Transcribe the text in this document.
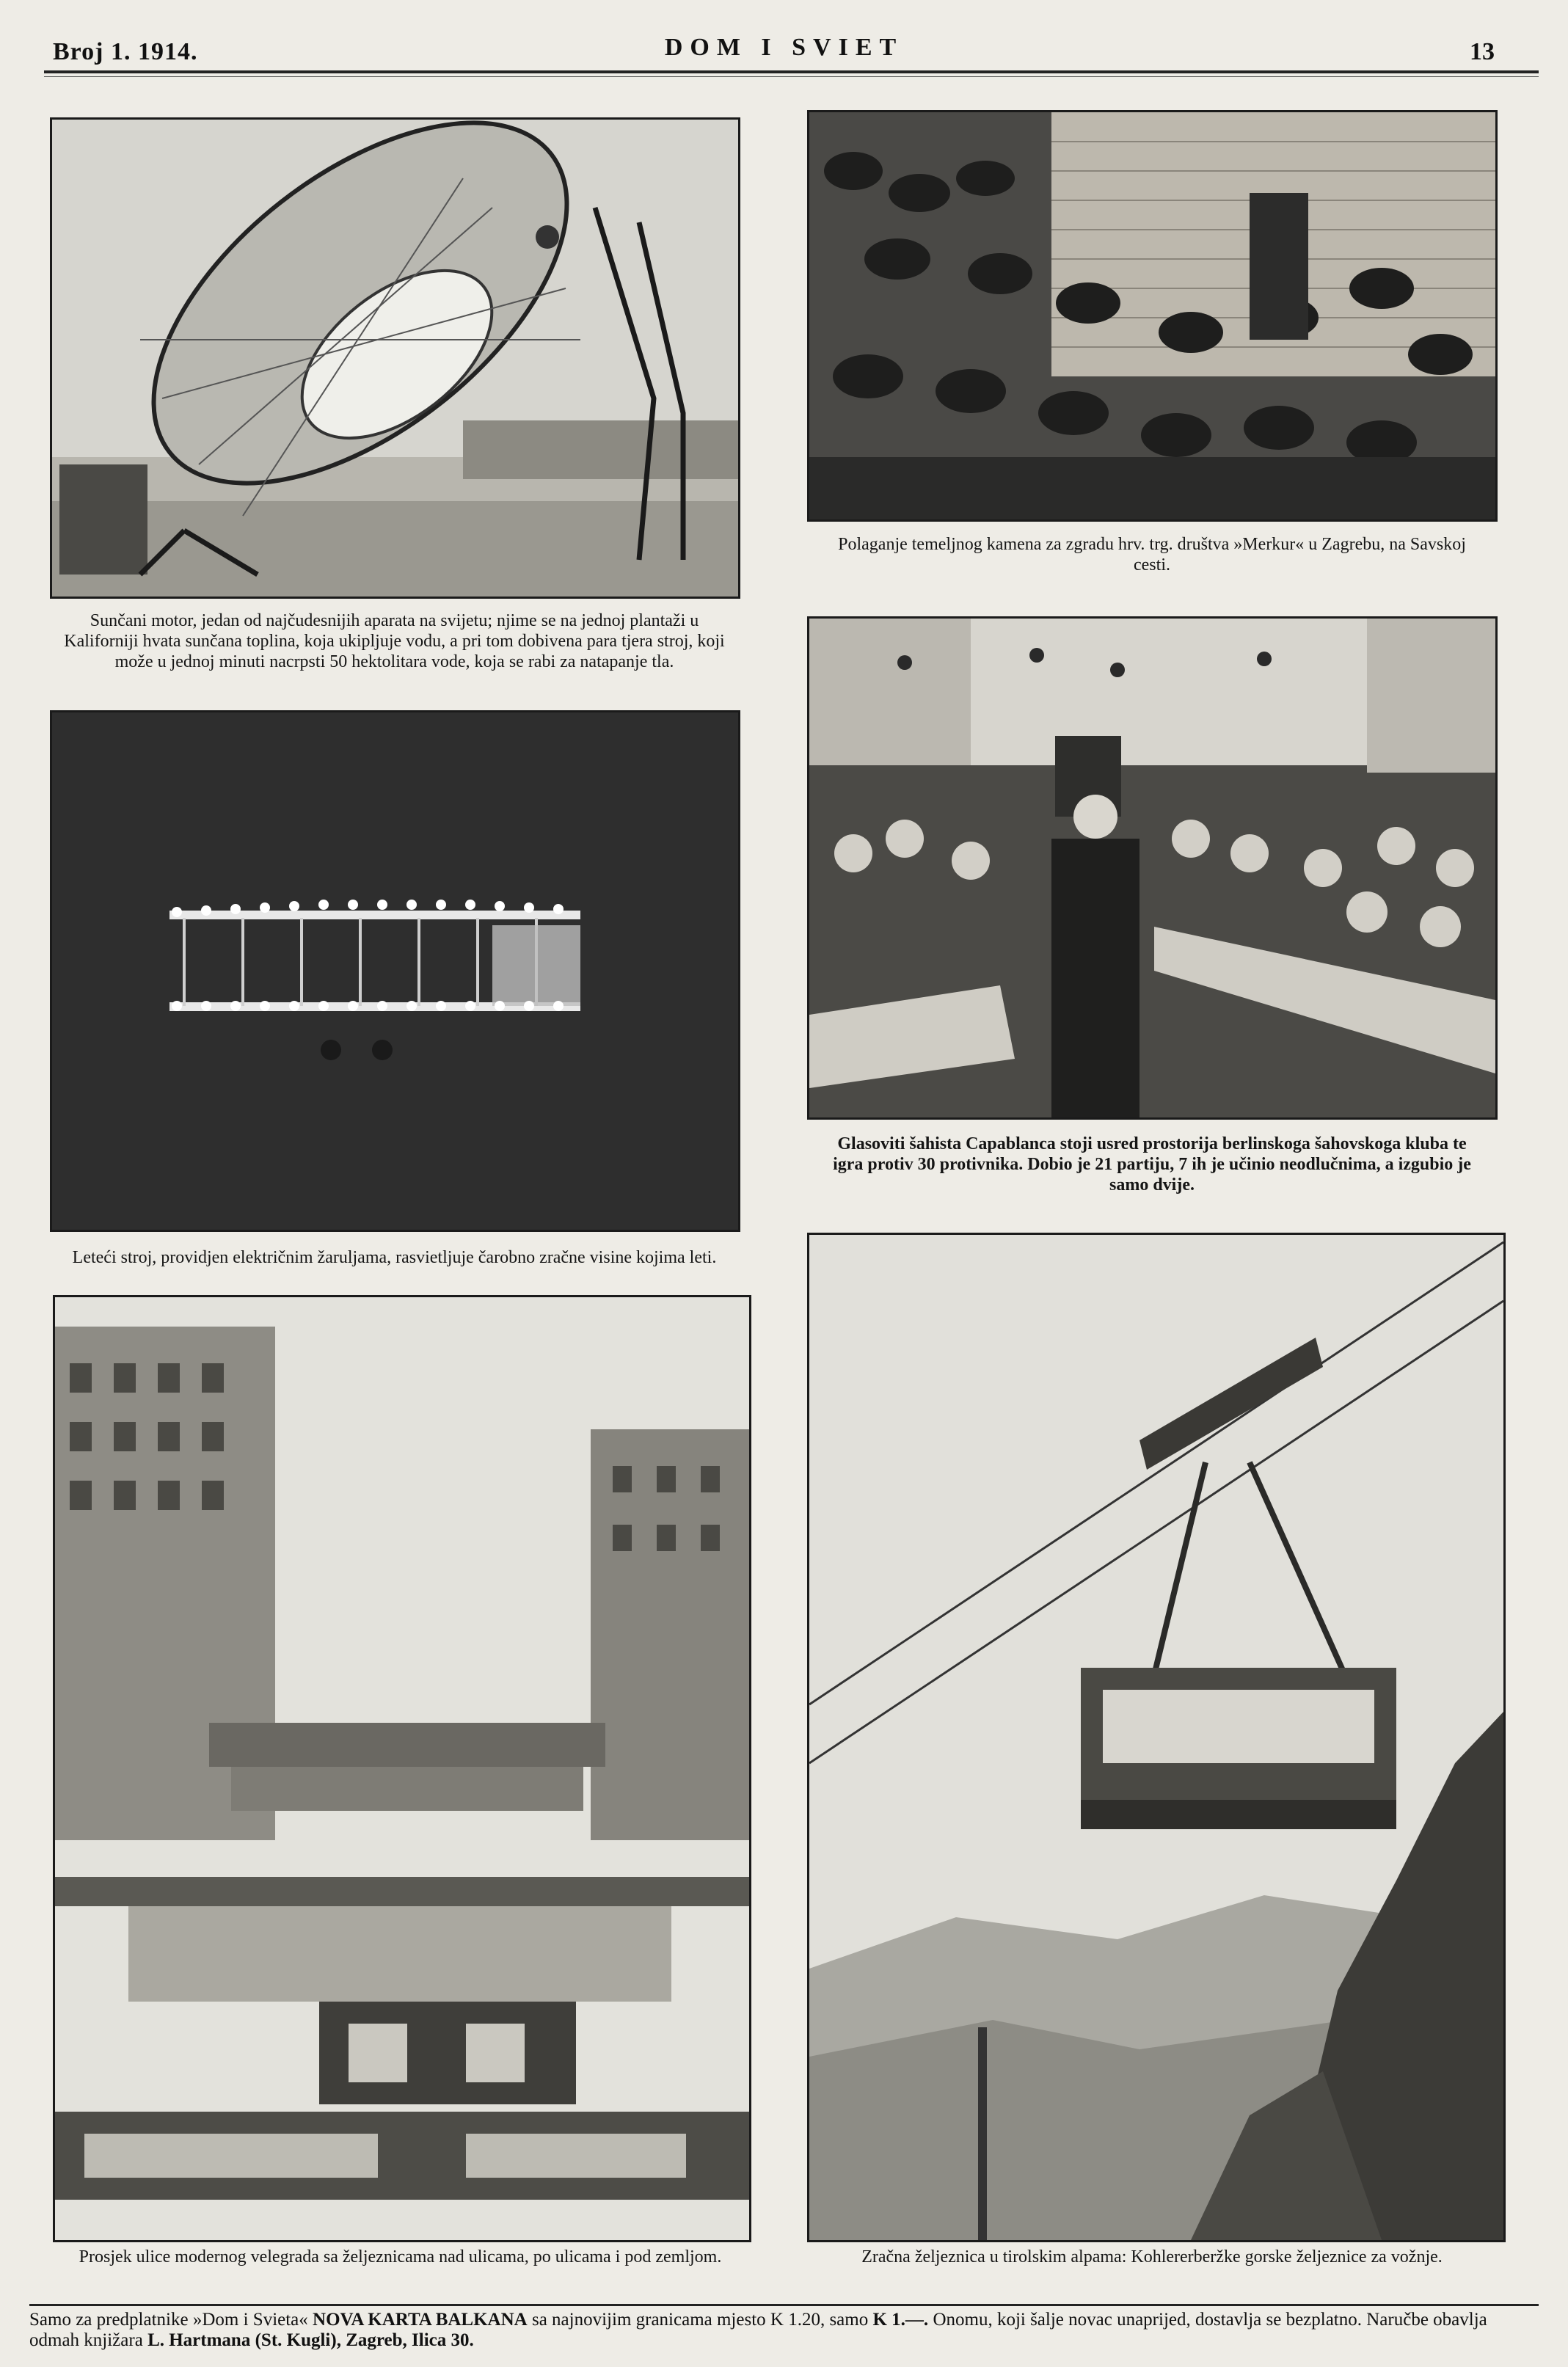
Broj 1. 1914.	DOM I SVIET	13
Sunčani motor, jedan od najčudesnijih aparata na svijetu; njime se na jednoj plantaži u Kaliforniji hvata sunčana toplina, koja ukipljuje vodu, a pri tom dobivena para tjera stroj, koji može u jednoj minuti nacrpsti 50 hektolitara vode, koja se rabi za natapanje tla.
Polaganje temeljnog kamena za zgradu hrv. trg. društva »Merkur« u Zagrebu, na Savskoj cesti.
Leteći stroj, providjen električnim žaruljama, rasvietljuje čarobno zračne visine kojima leti.
Glasoviti šahista Capablanca stoji usred prostorija berlinskoga šahovskoga kluba te igra protiv 30 protivnika. Dobio je 21 partiju, 7 ih je učinio neodlučnima, a izgubio je samo dvije.
Prosjek ulice modernog velegrada sa željeznicama nad ulicama, po ulicama i pod zemljom.	Zračna željeznica u tirolskim alpama: Kohlererberžke gorske željeznice za vožnje.
Samo za predplatnike »Dom i Svieta« NOVA KARTA BALKANA sa najnovijim granicama mjesto K 1.20, samo K 1.—. Onomu, koji šalje novac unaprijed, dostavlja se bezplatno. Naručbe obavlja odmah knjižara L. Hartmana (St. Kugli), Zagreb, Ilica 30.
